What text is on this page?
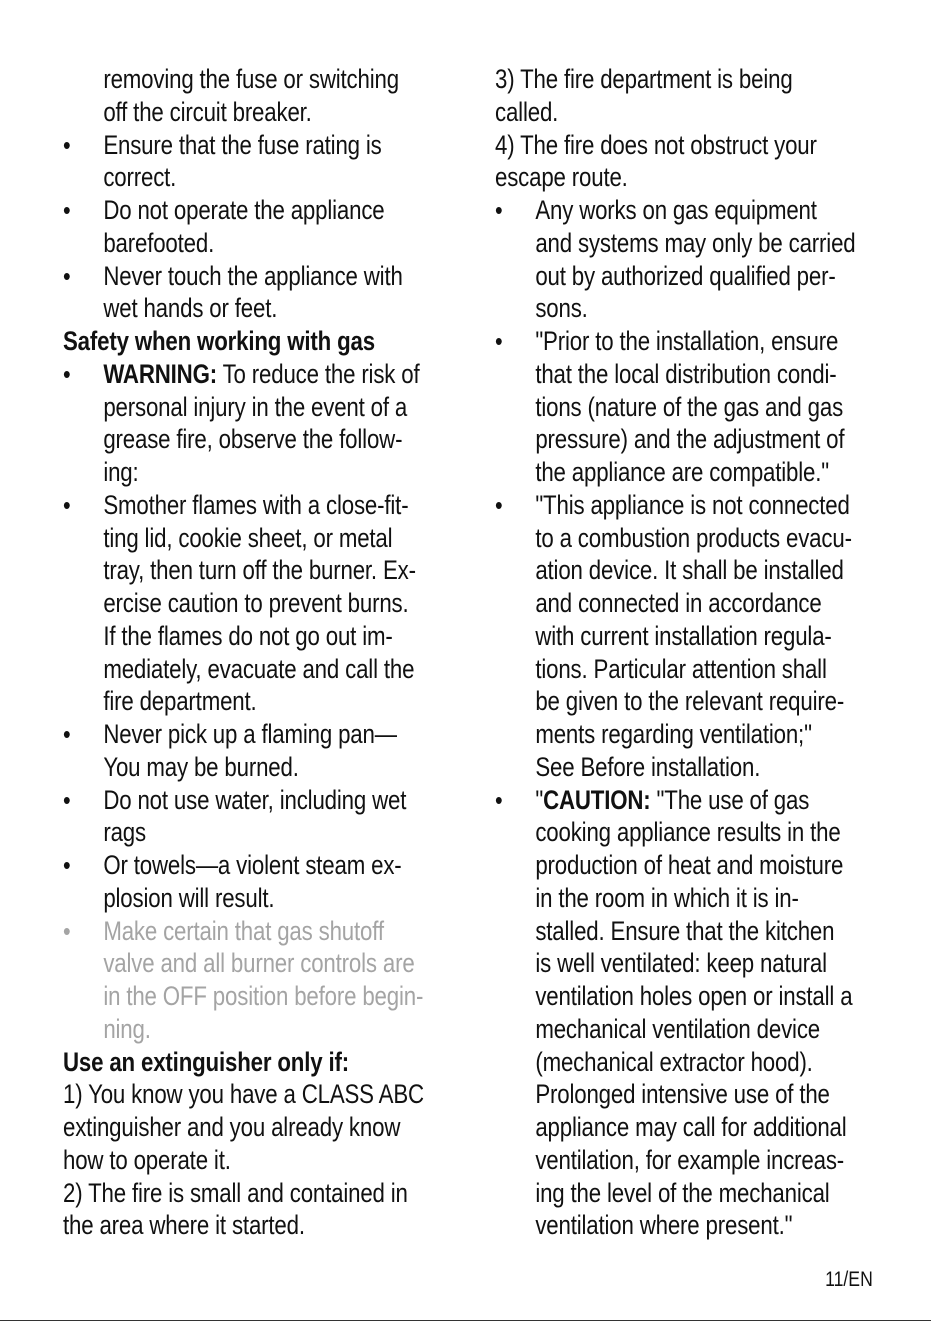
removing the fuse or switching
off the circuit breaker.
• Ensure that the fuse rating is
correct.
• Do not operate the appliance
barefooted.
• Never touch the appliance with
wet hands or feet.
Safety when working with gas
• WARNING: To reduce the risk of
personal injury in the event of a
grease fire, observe the follow-
ing:
• Smother flames with a close-fit-
ting lid, cookie sheet, or metal
tray, then turn off the burner. Ex-
ercise caution to prevent burns.
If the flames do not go out im-
mediately, evacuate and call the
fire department.
• Never pick up a flaming pan—
You may be burned.
• Do not use water, including wet
rags
• Or towels—a violent steam ex-
plosion will result.
• Make certain that gas shutoff
valve and all burner controls are
in the OFF position before begin-
ning.
Use an extinguisher only if:
1) You know you have a CLASS ABC
extinguisher and you already know
how to operate it.
2) The fire is small and contained in
the area where it started.
3) The fire department is being
called.
4) The fire does not obstruct your
escape route.
• Any works on gas equipment
and systems may only be carried
out by authorized qualified per-
sons.
• "Prior to the installation, ensure
that the local distribution condi-
tions (nature of the gas and gas
pressure) and the adjustment of
the appliance are compatible."
• "This appliance is not connected
to a combustion products evacu-
ation device. It shall be installed
and connected in accordance
with current installation regula-
tions. Particular attention shall
be given to the relevant require-
ments regarding ventilation;"
See Before installation.
• "CAUTION: "The use of gas
cooking appliance results in the
production of heat and moisture
in the room in which it is in-
stalled. Ensure that the kitchen
is well ventilated: keep natural
ventilation holes open or install a
mechanical ventilation device
(mechanical extractor hood).
Prolonged intensive use of the
appliance may call for additional
ventilation, for example increas-
ing the level of the mechanical
ventilation where present."
11/EN
